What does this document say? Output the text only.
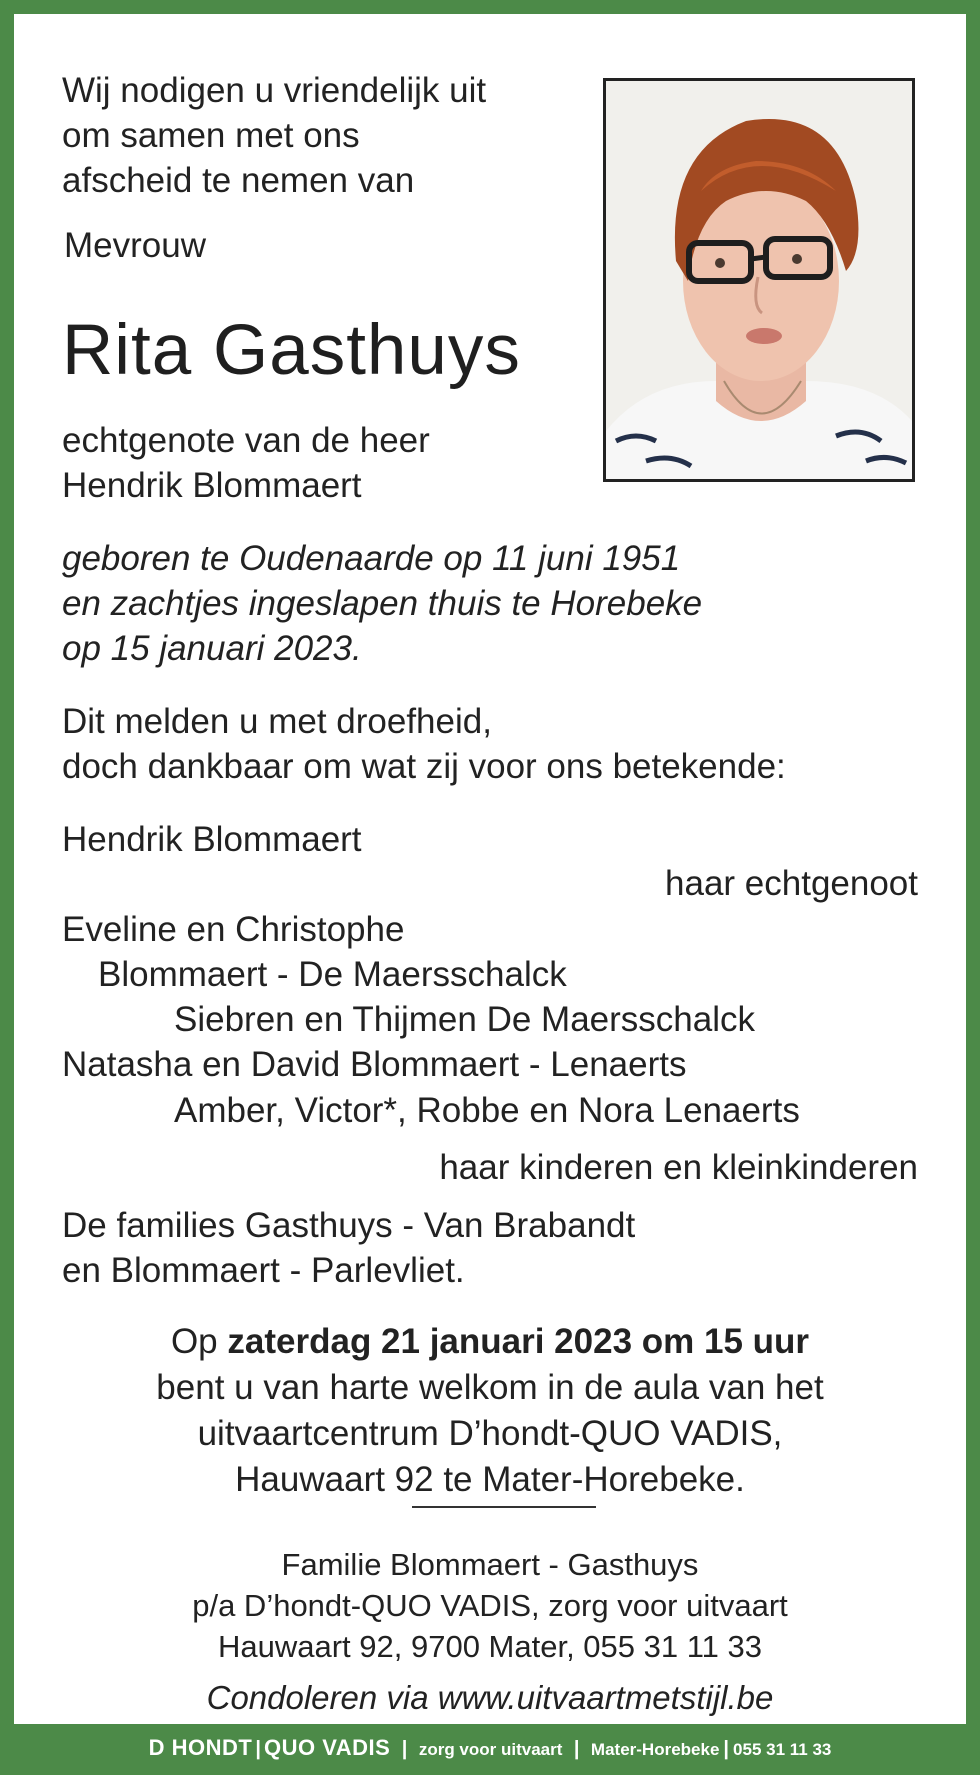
Wij nodigen u vriendelijk uit
om samen met ons
afscheid te nemen van
Mevrouw
Rita Gasthuys
echtgenote van de heer
Hendrik Blommaert
geboren te Oudenaarde op 11 juni 1951
en zachtjes ingeslapen thuis te Horebeke
op 15 januari 2023.
Dit melden u met droefheid,
doch dankbaar om wat zij voor ons betekende:
Hendrik Blommaert
haar echtgenoot
Eveline en Christophe
Blommaert - De Maersschalck
Siebren en Thijmen De Maersschalck
Natasha en David Blommaert - Lenaerts
Amber, Victor*, Robbe en Nora Lenaerts
haar kinderen en kleinkinderen
De families Gasthuys - Van Brabandt
en Blommaert - Parlevliet.
Op zaterdag 21 januari 2023 om 15 uur
bent u van harte welkom in de aula van het
uitvaartcentrum D’hondt-QUO VADIS,
Hauwaart 92 te Mater-Horebeke.
Familie Blommaert - Gasthuys
p/a D’hondt-QUO VADIS, zorg voor uitvaart
Hauwaart 92, 9700 Mater, 055 31 11 33
Condoleren via www.uitvaartmetstijl.be
D HONDT | QUO VADIS | zorg voor uitvaart | Mater-Horebeke | 055 31 11 33
